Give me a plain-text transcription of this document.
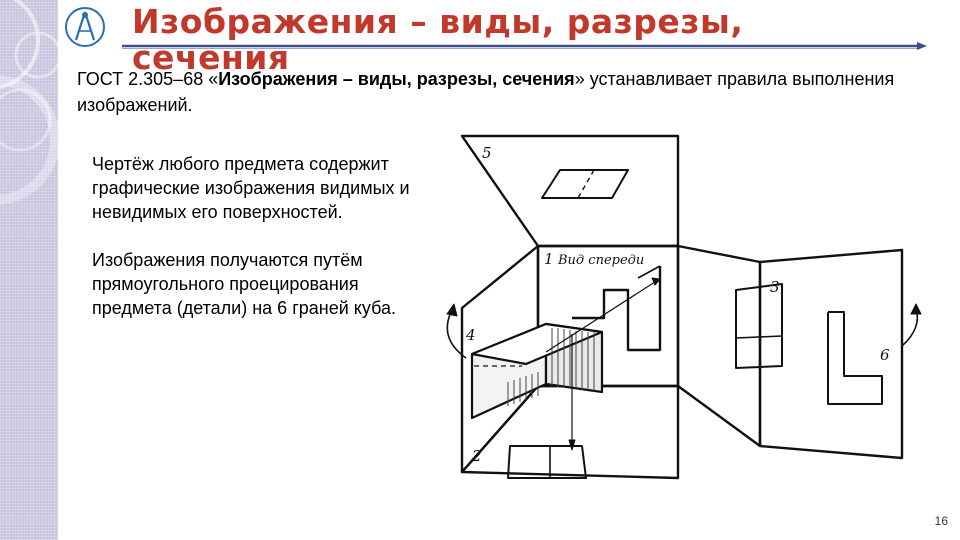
Изображения – виды, разрезы,
сечения
ГОСТ 2.305–68 «Изображения – виды, разрезы, сечения» устанавливает правила выполнения изображений.

Чертёж любого предмета содержит графические изображения видимых и невидимых его поверхностей.

Изображения получаются путём прямоугольного проецирования предмета (детали) на 6 граней куба.

1
2
3
4
5
6
Вид спереди
16
